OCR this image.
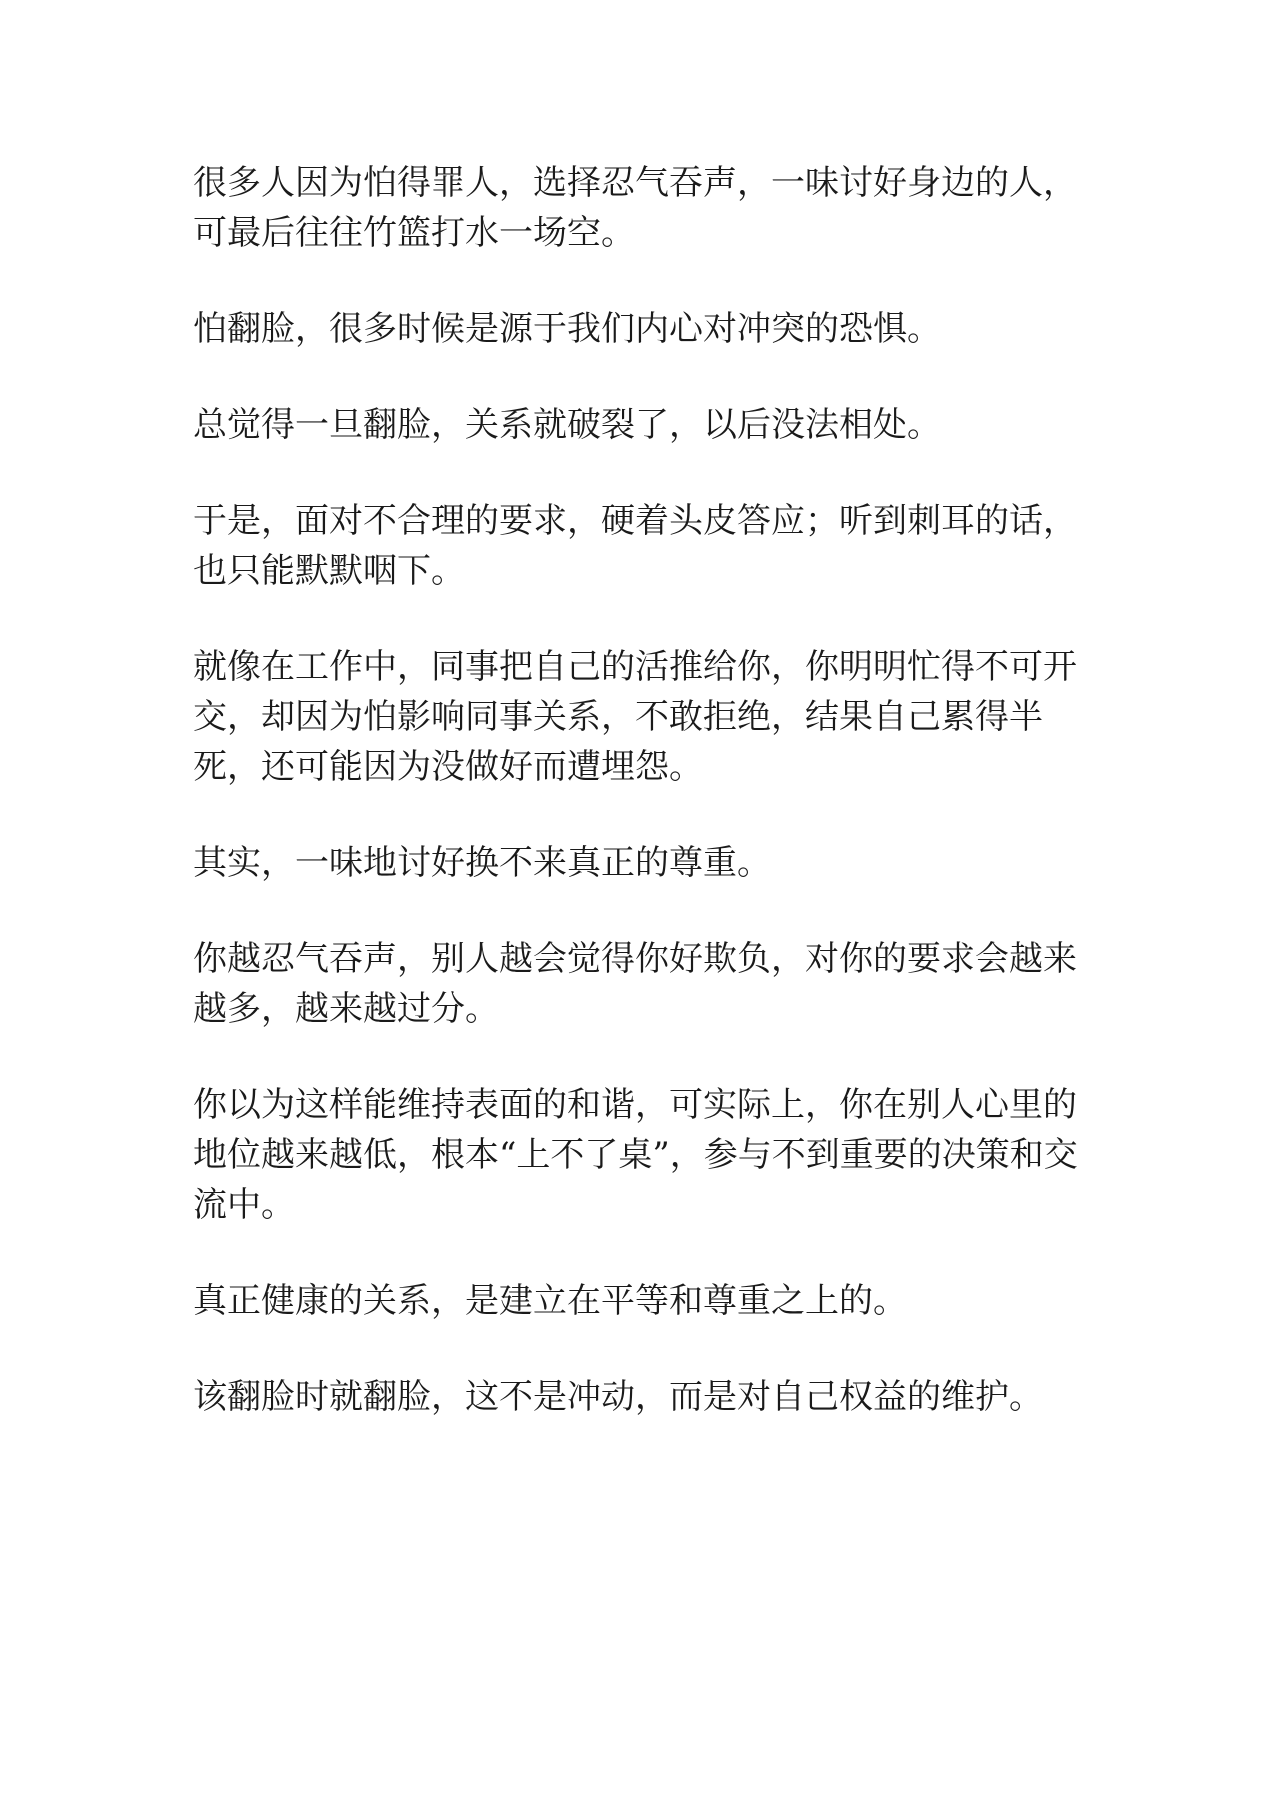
很多人因为怕得罪人，选择忍气吞声，一味讨好身边的人，可最后往往竹篮打水一场空。

怕翻脸，很多时候是源于我们内心对冲突的恐惧。

总觉得一旦翻脸，关系就破裂了，以后没法相处。

于是，面对不合理的要求，硬着头皮答应；听到刺耳的话，也只能默默咽下。

就像在工作中，同事把自己的活推给你，你明明忙得不可开交，却因为怕影响同事关系，不敢拒绝，结果自己累得半死，还可能因为没做好而遭埋怨。

其实，一味地讨好换不来真正的尊重。

你越忍气吞声，别人越会觉得你好欺负，对你的要求会越来越多，越来越过分。

你以为这样能维持表面的和谐，可实际上，你在别人心里的地位越来越低，根本“上不了桌”，参与不到重要的决策和交流中。

真正健康的关系，是建立在平等和尊重之上的。

该翻脸时就翻脸，这不是冲动，而是对自己权益的维护。
